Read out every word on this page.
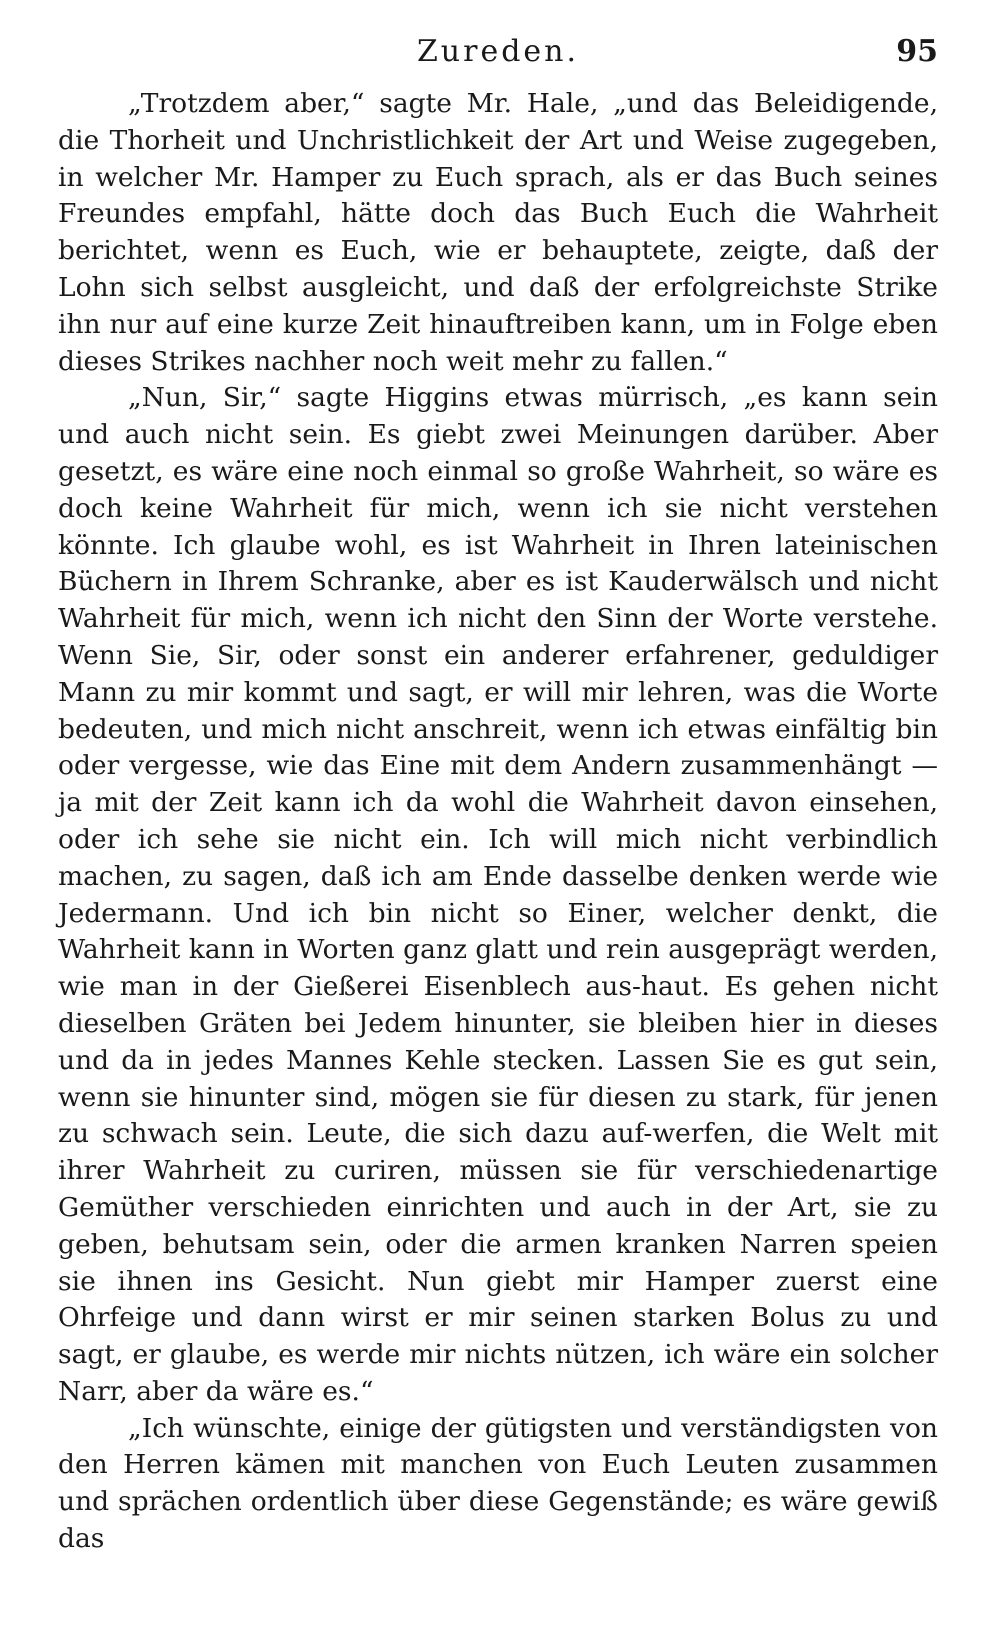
Zureden.	95

„Trotzdem aber,“ sagte Mr. Hale, „und das Beleidigende, die Thorheit und Unchristlichkeit der Art und Weise zugegeben, in welcher Mr. Hamper zu Euch sprach, als er das Buch seines Freundes empfahl, hätte doch das Buch Euch die Wahrheit berichtet, wenn es Euch, wie er behauptete, zeigte, daß der Lohn sich selbst ausgleicht, und daß der erfolgreichste Strike ihn nur auf eine kurze Zeit hinauftreiben kann, um in Folge eben dieses Strikes nachher noch weit mehr zu fallen.“

„Nun, Sir,“ sagte Higgins etwas mürrisch, „es kann sein und auch nicht sein. Es giebt zwei Meinungen darüber. Aber gesetzt, es wäre eine noch einmal so große Wahrheit, so wäre es doch keine Wahrheit für mich, wenn ich sie nicht verstehen könnte. Ich glaube wohl, es ist Wahrheit in Ihren lateinischen Büchern in Ihrem Schranke, aber es ist Kauderwälsch und nicht Wahrheit für mich, wenn ich nicht den Sinn der Worte verstehe. Wenn Sie, Sir, oder sonst ein anderer erfahrener, geduldiger Mann zu mir kommt und sagt, er will mir lehren, was die Worte bedeuten, und mich nicht anschreit, wenn ich etwas einfältig bin oder vergesse, wie das Eine mit dem Andern zusammenhängt — ja mit der Zeit kann ich da wohl die Wahrheit davon einsehen, oder ich sehe sie nicht ein. Ich will mich nicht verbindlich machen, zu sagen, daß ich am Ende dasselbe denken werde wie Jedermann. Und ich bin nicht so Einer, welcher denkt, die Wahrheit kann in Worten ganz glatt und rein ausgeprägt werden, wie man in der Gießerei Eisenblech aus-haut. Es gehen nicht dieselben Gräten bei Jedem hinunter, sie bleiben hier in dieses und da in jedes Mannes Kehle stecken. Lassen Sie es gut sein, wenn sie hinunter sind, mögen sie für diesen zu stark, für jenen zu schwach sein. Leute, die sich dazu auf-werfen, die Welt mit ihrer Wahrheit zu curiren, müssen sie für verschiedenartige Gemüther verschieden einrichten und auch in der Art, sie zu geben, behutsam sein, oder die armen kranken Narren speien sie ihnen ins Gesicht. Nun giebt mir Hamper zuerst eine Ohrfeige und dann wirst er mir seinen starken Bolus zu und sagt, er glaube, es werde mir nichts nützen, ich wäre ein solcher Narr, aber da wäre es.“

„Ich wünschte, einige der gütigsten und verständigsten von den Herren kämen mit manchen von Euch Leuten zusammen und sprächen ordentlich über diese Gegenstände; es wäre gewiß das
